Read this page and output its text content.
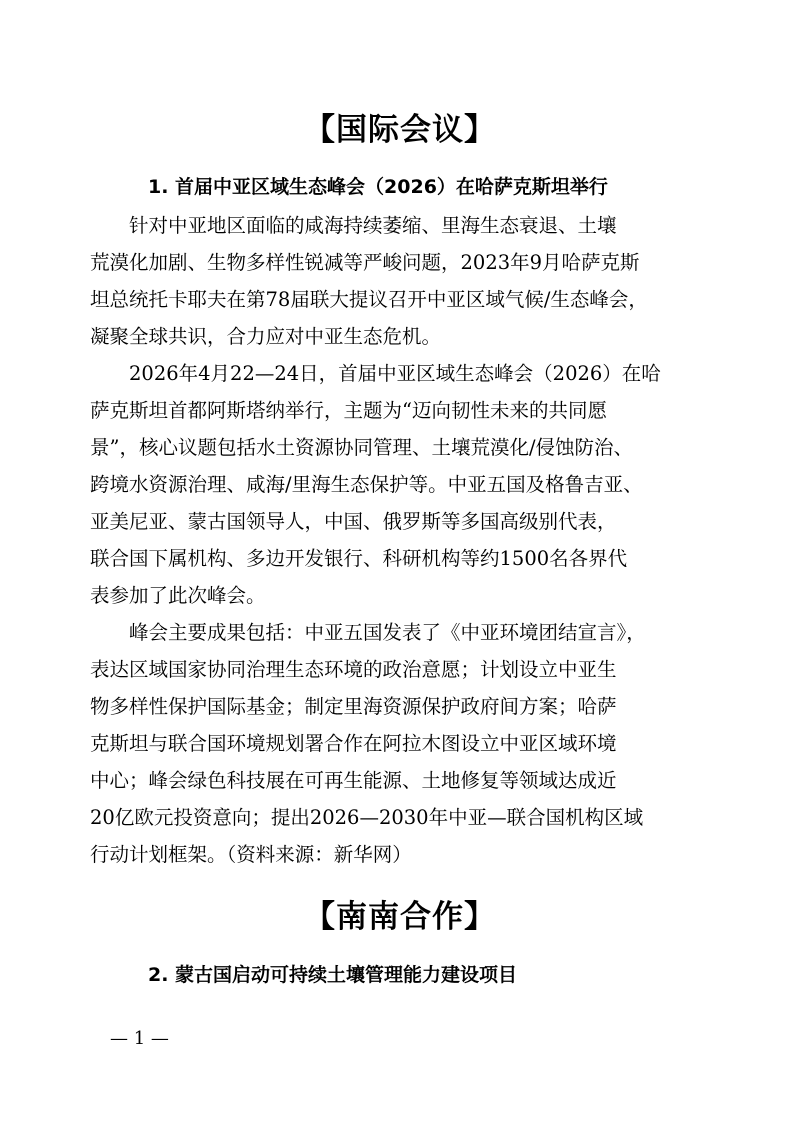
【国际会议】
1. 首届中亚区域生态峰会（2026）在哈萨克斯坦举行
　　针对中亚地区面临的咸海持续萎缩、里海生态衰退、土壤
荒漠化加剧、生物多样性锐减等严峻问题，2023年9月哈萨克斯
坦总统托卡耶夫在第78届联大提议召开中亚区域气候/生态峰会，
凝聚全球共识，合力应对中亚生态危机。
　　2026年4月22—24日，首届中亚区域生态峰会（2026）在哈
萨克斯坦首都阿斯塔纳举行，主题为“迈向韧性未来的共同愿
景”，核心议题包括水土资源协同管理、土壤荒漠化/侵蚀防治、
跨境水资源治理、咸海/里海生态保护等。中亚五国及格鲁吉亚、
亚美尼亚、蒙古国领导人，中国、俄罗斯等多国高级别代表，
联合国下属机构、多边开发银行、科研机构等约1500名各界代
表参加了此次峰会。
　　峰会主要成果包括：中亚五国发表了《中亚环境团结宣言》，
表达区域国家协同治理生态环境的政治意愿；计划设立中亚生
物多样性保护国际基金；制定里海资源保护政府间方案；哈萨
克斯坦与联合国环境规划署合作在阿拉木图设立中亚区域环境
中心；峰会绿色科技展在可再生能源、土地修复等领域达成近
20亿欧元投资意向；提出2026—2030年中亚—联合国机构区域
行动计划框架。（资料来源：新华网）
【南南合作】
2. 蒙古国启动可持续土壤管理能力建设项目
— 1 —
